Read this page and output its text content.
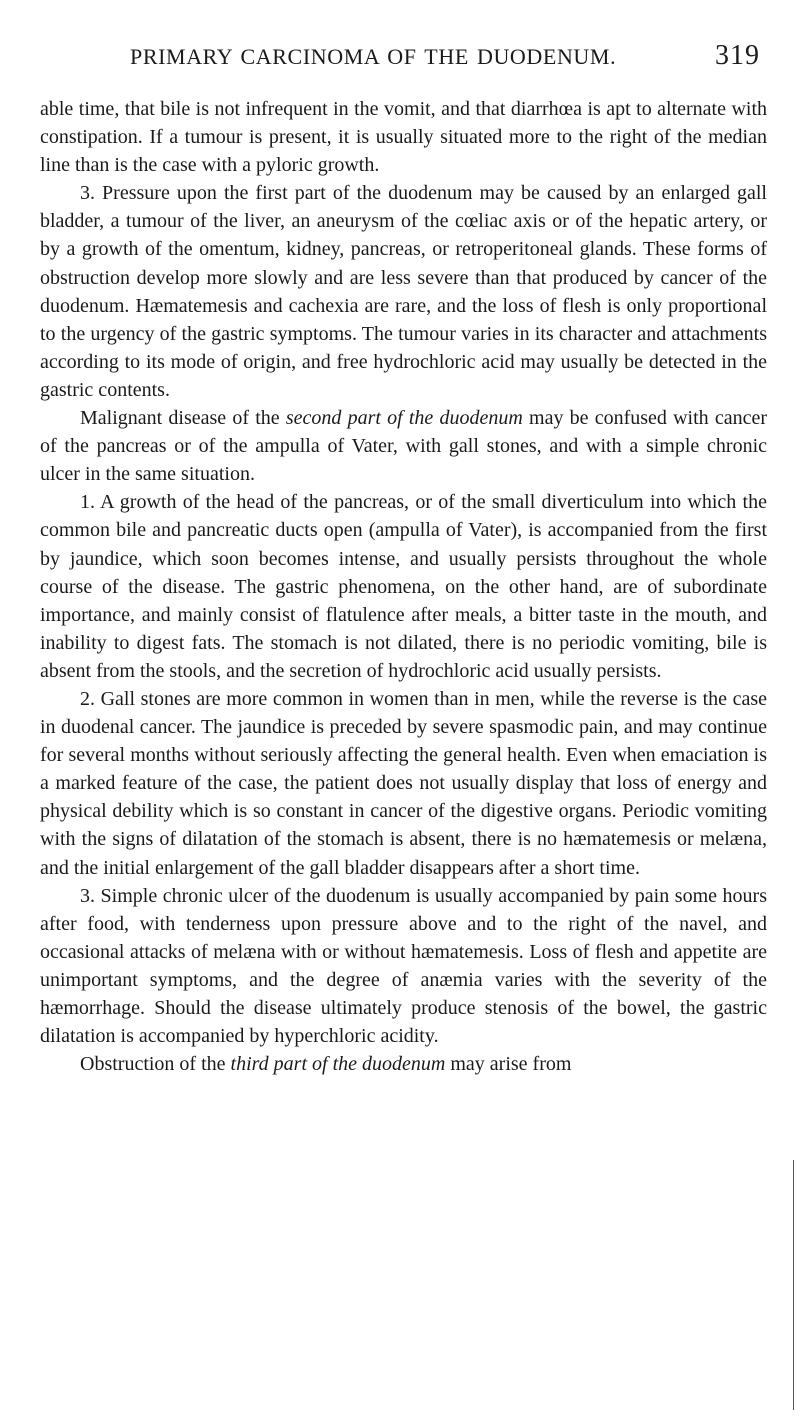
PRIMARY CARCINOMA OF THE DUODENUM.	319

able time, that bile is not infrequent in the vomit, and that diarrhœa is apt to alternate with constipation. If a tumour is present, it is usually situated more to the right of the median line than is the case with a pyloric growth.

3. Pressure upon the first part of the duodenum may be caused by an enlarged gall bladder, a tumour of the liver, an aneurysm of the cœliac axis or of the hepatic artery, or by a growth of the omentum, kidney, pancreas, or retroperitoneal glands. These forms of obstruction develop more slowly and are less severe than that produced by cancer of the duodenum. Hæmatemesis and cachexia are rare, and the loss of flesh is only proportional to the urgency of the gastric symptoms. The tumour varies in its character and attachments according to its mode of origin, and free hydrochloric acid may usually be detected in the gastric contents.

Malignant disease of the second part of the duodenum may be confused with cancer of the pancreas or of the ampulla of Vater, with gall stones, and with a simple chronic ulcer in the same situation.

1. A growth of the head of the pancreas, or of the small diverticulum into which the common bile and pancreatic ducts open (ampulla of Vater), is accompanied from the first by jaundice, which soon becomes intense, and usually persists throughout the whole course of the disease. The gastric phenomena, on the other hand, are of subordinate importance, and mainly consist of flatulence after meals, a bitter taste in the mouth, and inability to digest fats. The stomach is not dilated, there is no periodic vomiting, bile is absent from the stools, and the secretion of hydrochloric acid usually persists.

2. Gall stones are more common in women than in men, while the reverse is the case in duodenal cancer. The jaundice is preceded by severe spasmodic pain, and may continue for several months without seriously affecting the general health. Even when emaciation is a marked feature of the case, the patient does not usually display that loss of energy and physical debility which is so constant in cancer of the digestive organs. Periodic vomiting with the signs of dilatation of the stomach is absent, there is no hæmatemesis or melæna, and the initial enlargement of the gall bladder disappears after a short time.

3. Simple chronic ulcer of the duodenum is usually accompanied by pain some hours after food, with tenderness upon pressure above and to the right of the navel, and occasional attacks of melæna with or without hæmatemesis. Loss of flesh and appetite are unimportant symptoms, and the degree of anæmia varies with the severity of the hæmorrhage. Should the disease ultimately produce stenosis of the bowel, the gastric dilatation is accompanied by hyperchloric acidity.

Obstruction of the third part of the duodenum may arise from
